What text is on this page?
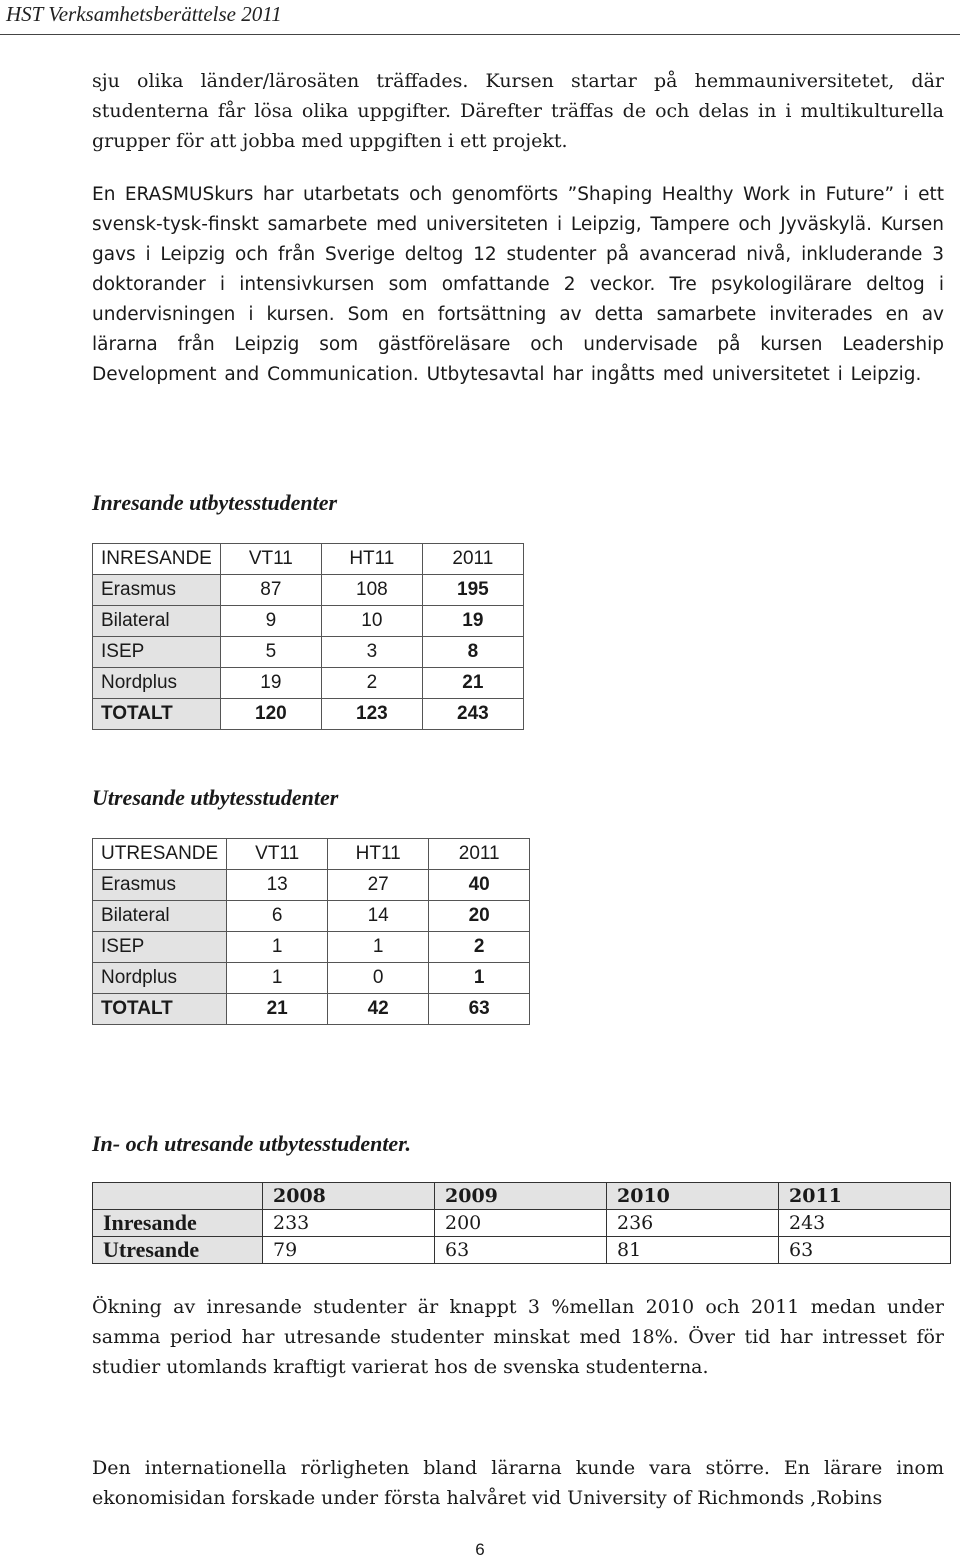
HST Verksamhetsberättelse 2011

sju olika länder/lärosäten träffades. Kursen startar på hemmauniversitetet, där studenterna får lösa olika uppgifter. Därefter träffas de och delas in i multikulturella grupper för att jobba med uppgiften i ett projekt.

En ERASMUSkurs har utarbetats och genomförts ”Shaping Healthy Work in Future” i ett svensk-tysk-finskt samarbete med universiteten i Leipzig, Tampere och Jyväskylä. Kursen gavs i Leipzig och från Sverige deltog 12 studenter på avancerad nivå, inkluderande 3 doktorander i intensivkursen som omfattande 2 veckor. Tre psykologilärare deltog i undervisningen i kursen. Som en fortsättning av detta samarbete inviterades en av lärarna från Leipzig som gästföreläsare och undervisade på kursen Leadership Development and Communication. Utbytesavtal har ingåtts med universitetet i Leipzig.

Inresande utbytesstudenter
INRESANDE	VT11	HT11	2011
Erasmus	87	108	195
Bilateral	9	10	19
ISEP	5	3	8
Nordplus	19	2	21
TOTALT	120	123	243
Utresande utbytesstudenter
UTRESANDE	VT11	HT11	2011
Erasmus	13	27	40
Bilateral	6	14	20
ISEP	1	1	2
Nordplus	1	0	1
TOTALT	21	42	63
In- och utresande utbytesstudenter.
	2008	2009	2010	2011
Inresande	233	200	236	243
Utresande	79	63	81	63

Ökning av inresande studenter är knappt 3 %mellan 2010 och 2011 medan under samma period har utresande studenter minskat med 18%. Över tid har intresset för studier utomlands kraftigt varierat hos de svenska studenterna.

Den internationella rörligheten bland lärarna kunde vara större. En lärare inom ekonomisidan forskade under första halvåret vid University of Richmonds ,Robins

6
